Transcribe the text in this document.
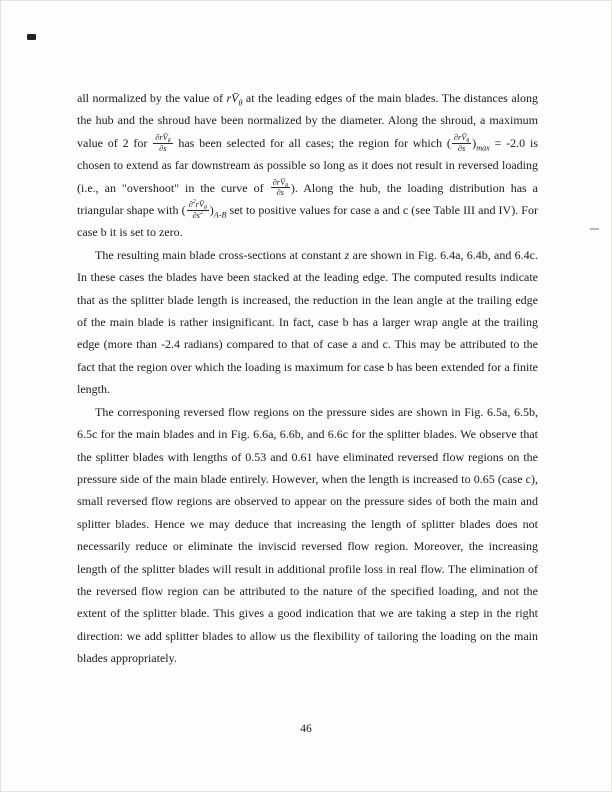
all normalized by the value of $rV̄_\theta$ at the leading edges of the main blades. The distances along the hub and the shroud have been normalized by the diameter. Along the shroud, a maximum value of 2 for $\frac{\partial rV̄_\theta}{\partial s}$ has been selected for all cases; the region for which ( $\frac{\partial rV̄_\theta}{\partial s} )_{max} = -2.0$ is chosen to extend as far downstream as possible so long as it does not result in reversed loading (i.e., an "overshoot" in the curve of $\frac{\partial rV̄_\theta}{\partial s}$ ). Along the hub, the loading distribution has a triangular shape with ( $\frac{\partial^2rV̄_\theta}{\partial s^2} )_{A-B}$ set to positive values for case a and c (see Table III and IV). For case b it is set to zero.

The resulting main blade cross-sections at constant z are shown in Fig. 6.4a, 6.4b, and 6.4c. In these cases the blades have been stacked at the leading edge. The computed results indicate that as the splitter blade length is increased, the reduction in the lean angle at the trailing edge of the main blade is rather insignificant. In fact, case b has a larger wrap angle at the trailing edge (more than -2.4 radians) compared to that of case a and c. This may be attributed to the fact that the region over which the loading is maximum for case b has been extended for a finite length.

The corresponing reversed flow regions on the pressure sides are shown in Fig. 6.5a, 6.5b, 6.5c for the main blades and in Fig. 6.6a, 6.6b, and 6.6c for the splitter blades. We observe that the splitter blades with lengths of 0.53 and 0.61 have eliminated reversed flow regions on the pressure side of the main blade entirely. However, when the length is increased to 0.65 (case c), small reversed flow regions are observed to appear on the pressure sides of both the main and splitter blades. Hence we may deduce that increasing the length of splitter blades does not necessarily reduce or eliminate the inviscid reversed flow region. Moreover, the increasing length of the splitter blades will result in additional profile loss in real flow. The elimination of the reversed flow region can be attributed to the nature of the specified loading, and not the extent of the splitter blade. This gives a good indication that we are taking a step in the right direction: we add splitter blades to allow us the flexibility of tailoring the loading on the main blades appropriately.

46
